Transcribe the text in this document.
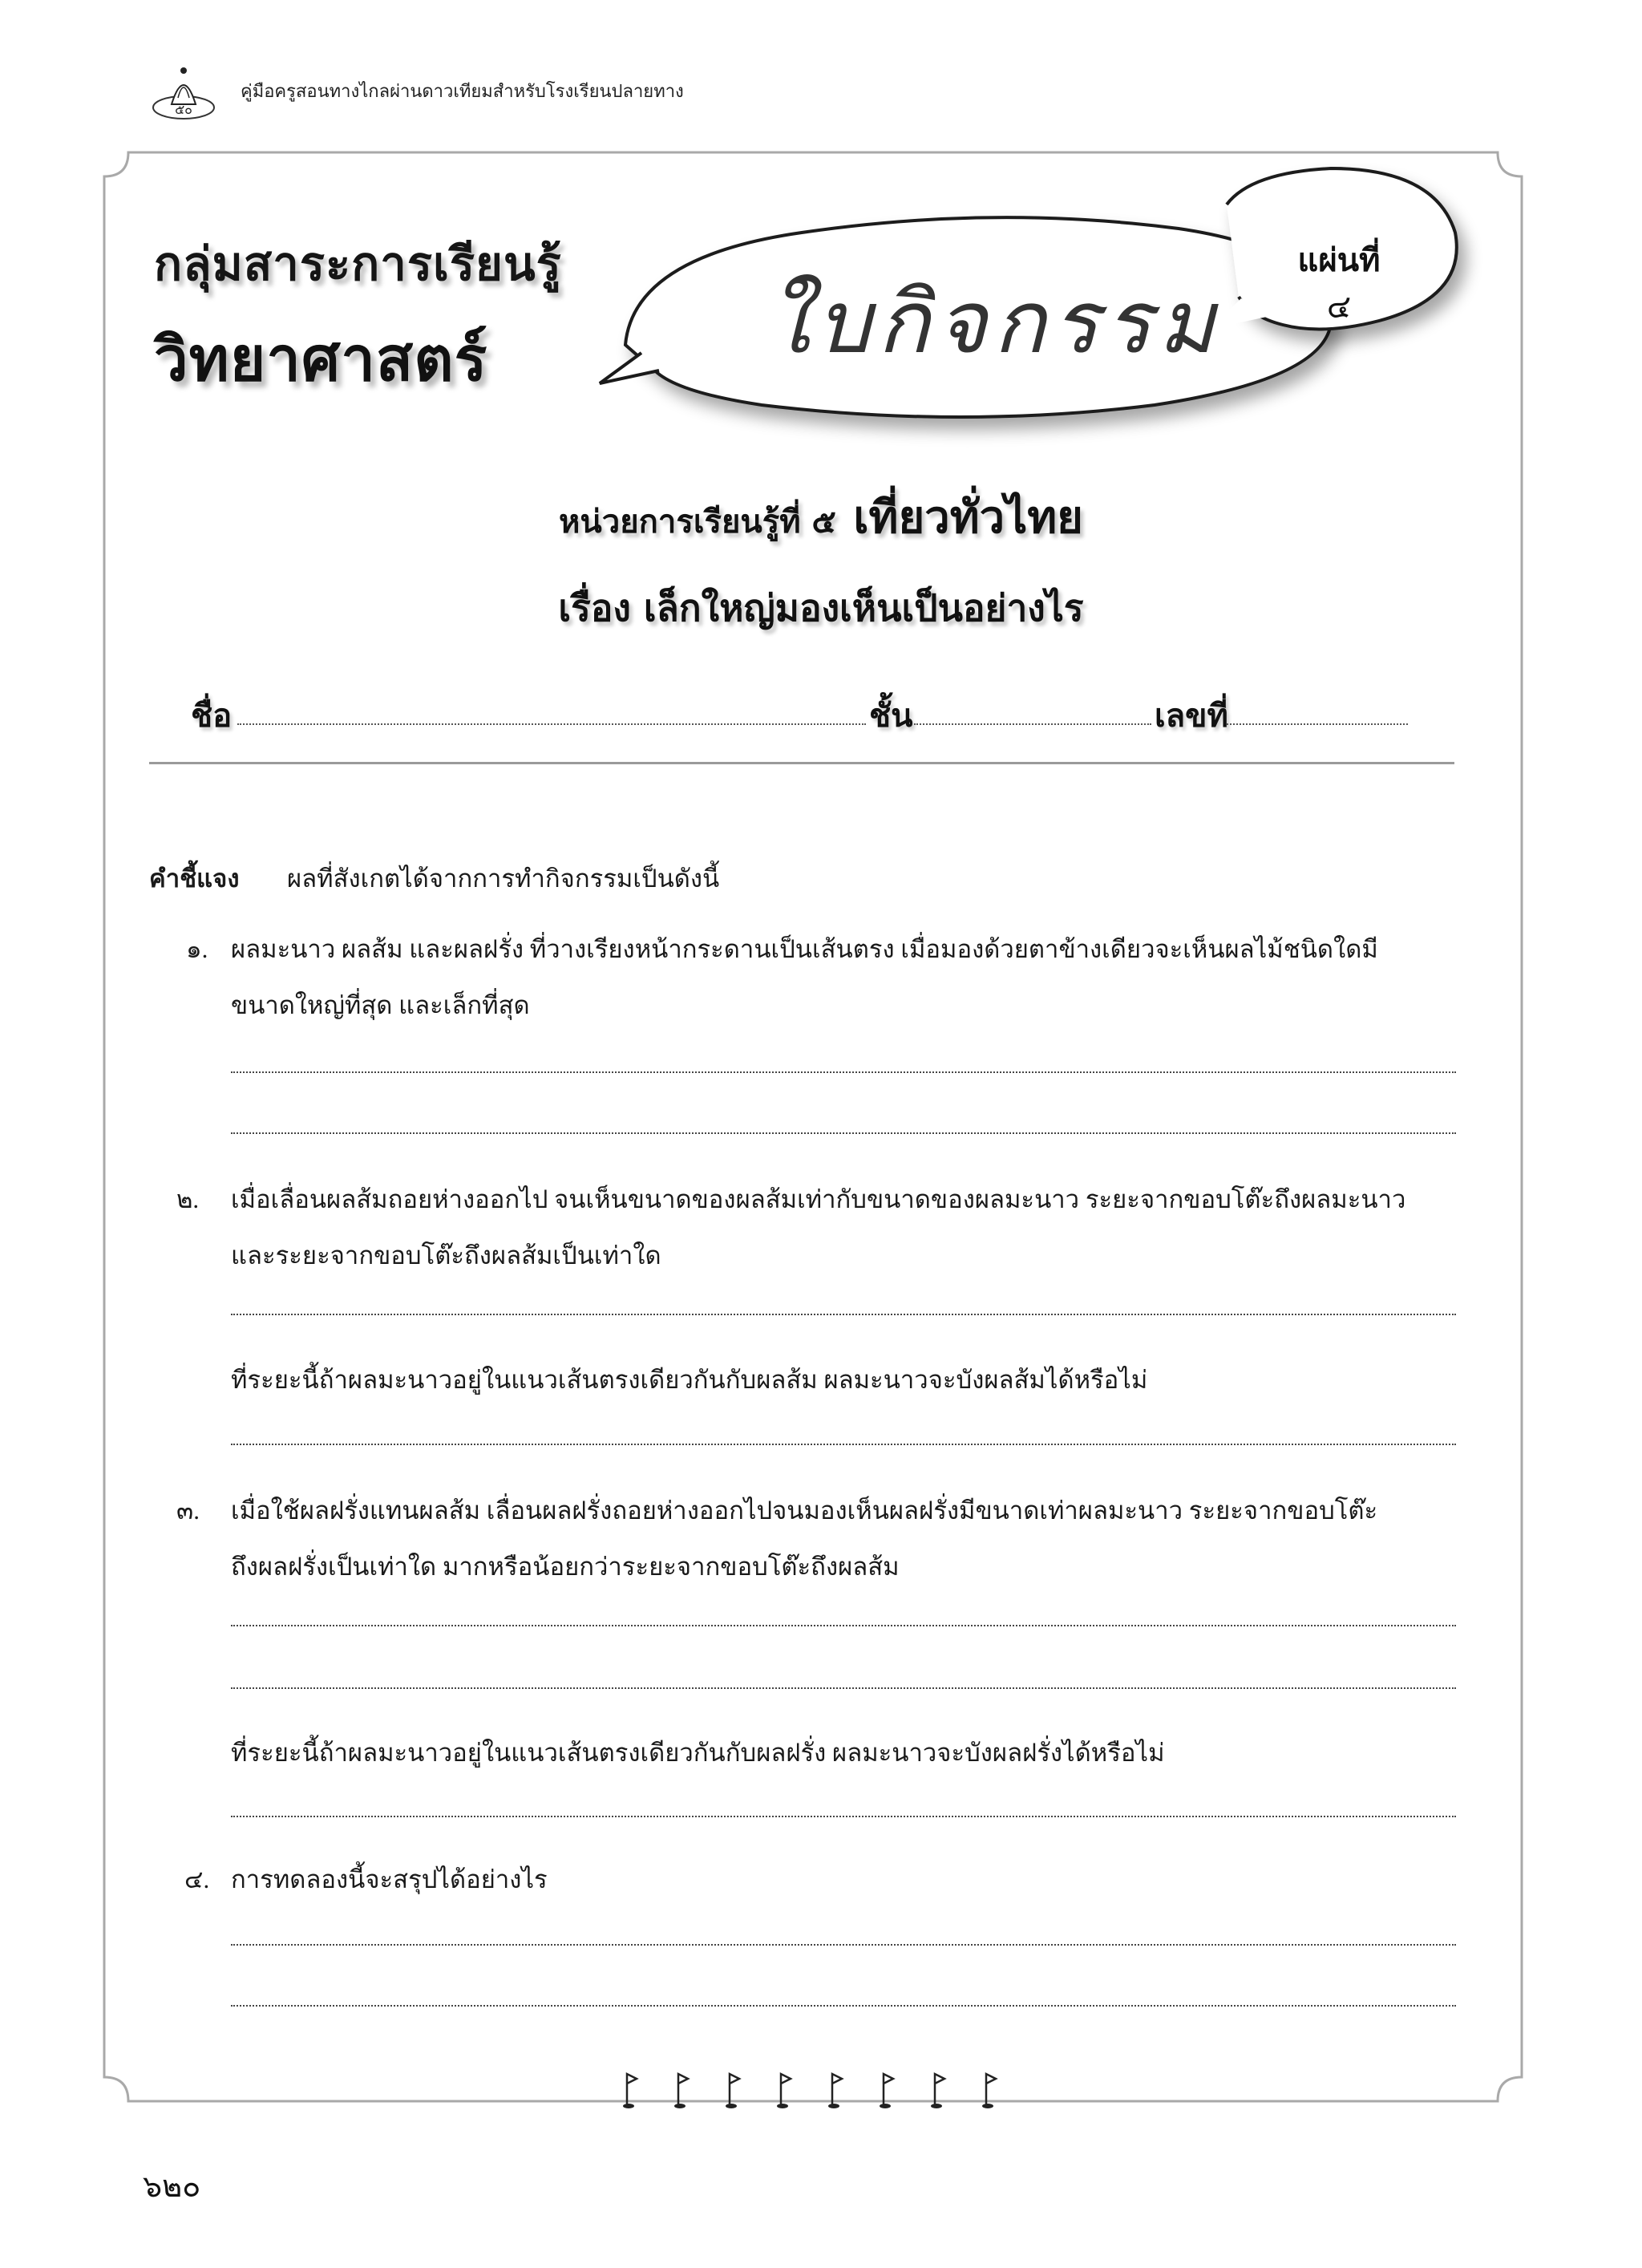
๕๐
คู่มือครูสอนทางไกลผ่านดาวเทียมสำหรับโรงเรียนปลายทาง
กลุ่มสาระการเรียนรู้
วิทยาศาสตร์	ใบกิจกรรม
แผ่นที่
๔
หน่วยการเรียนรู้ที่ ๕ เที่ยวทั่วไทย
เรื่อง เล็กใหญ่มองเห็นเป็นอย่างไร
ชื่อ	ชั้น	เลขที่
คำชี้แจง ผลที่สังเกตได้จากการทำกิจกรรมเป็นดังนี้
๑. ผลมะนาว ผลส้ม และผลฝรั่ง ที่วางเรียงหน้ากระดานเป็นเส้นตรง เมื่อมองด้วยตาข้างเดียวจะเห็นผลไม้ชนิดใดมี
ขนาดใหญ่ที่สุด และเล็กที่สุด
๒. เมื่อเลื่อนผลส้มถอยห่างออกไป จนเห็นขนาดของผลส้มเท่ากับขนาดของผลมะนาว ระยะจากขอบโต๊ะถึงผลมะนาว
และระยะจากขอบโต๊ะถึงผลส้มเป็นเท่าใด
ที่ระยะนี้ถ้าผลมะนาวอยู่ในแนวเส้นตรงเดียวกันกับผลส้ม ผลมะนาวจะบังผลส้มได้หรือไม่
๓. เมื่อใช้ผลฝรั่งแทนผลส้ม เลื่อนผลฝรั่งถอยห่างออกไปจนมองเห็นผลฝรั่งมีขนาดเท่าผลมะนาว ระยะจากขอบโต๊ะ
ถึงผลฝรั่งเป็นเท่าใด มากหรือน้อยกว่าระยะจากขอบโต๊ะถึงผลส้ม
ที่ระยะนี้ถ้าผลมะนาวอยู่ในแนวเส้นตรงเดียวกันกับผลฝรั่ง ผลมะนาวจะบังผลฝรั่งได้หรือไม่
๔. การทดลองนี้จะสรุปได้อย่างไร
๖๒๐
